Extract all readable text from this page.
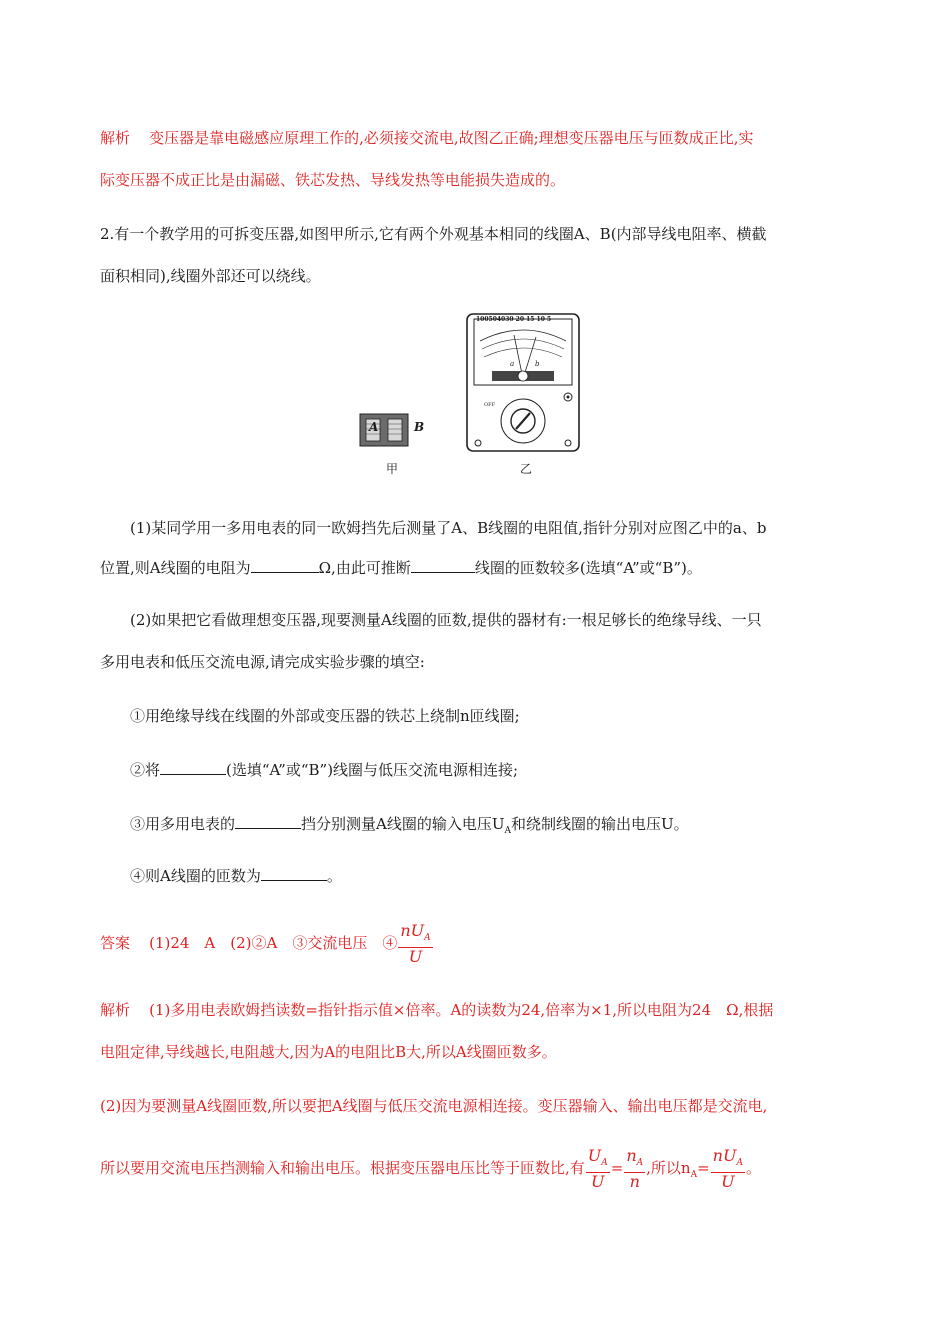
解析 变压器是靠电磁感应原理工作的,必须接交流电,故图乙正确;理想变压器电压与匝数成正比,实
际变压器不成正比是由漏磁、铁芯发热、导线发热等电能损失造成的。
2.有一个教学用的可拆变压器,如图甲所示,它有两个外观基本相同的线圈A、B(内部导线电阻率、横截
面积相同),线圈外部还可以绕线。
A	B
甲
100504030 20 15 10 5
a	b
OFF
乙
(1)某同学用一多用电表的同一欧姆挡先后测量了A、B线圈的电阻值,指针分别对应图乙中的a、b
位置,则A线圈的电阻为	Ω,由此可推断	线圈的匝数较多(选填“A”或“B”)。
(2)如果把它看做理想变压器,现要测量A线圈的匝数,提供的器材有:一根足够长的绝缘导线、一只
多用电表和低压交流电源,请完成实验步骤的填空:
①用绝缘导线在线圈的外部或变压器的铁芯上绕制n匝线圈;
②将	(选填“A”或“B”)线圈与低压交流电源相连接;
③用多用电表的	挡分别测量A线圈的输入电压$U_A$和绕制线圈的输出电压U。
④则A线圈的匝数为	。
答案 (1)24　A　(2)②A　③交流电压　④ $\frac{nU_A}{U}$
解析 (1)多用电表欧姆挡读数=指针指示值×倍率。A的读数为24,倍率为×1,所以电阻为24　Ω,根据
电阻定律,导线越长,电阻越大,因为A的电阻比B大,所以A线圈匝数多。
(2)因为要测量A线圈匝数,所以要把A线圈与低压交流电源相连接。变压器输入、输出电压都是交流电,
所以要用交流电压挡测输入和输出电压。根据变压器电压比等于匝数比,有 $\frac{U_A}{U} = \frac{n_A}{n}$ ,所以$n_A= \frac{nU_A}{U}$ 。
